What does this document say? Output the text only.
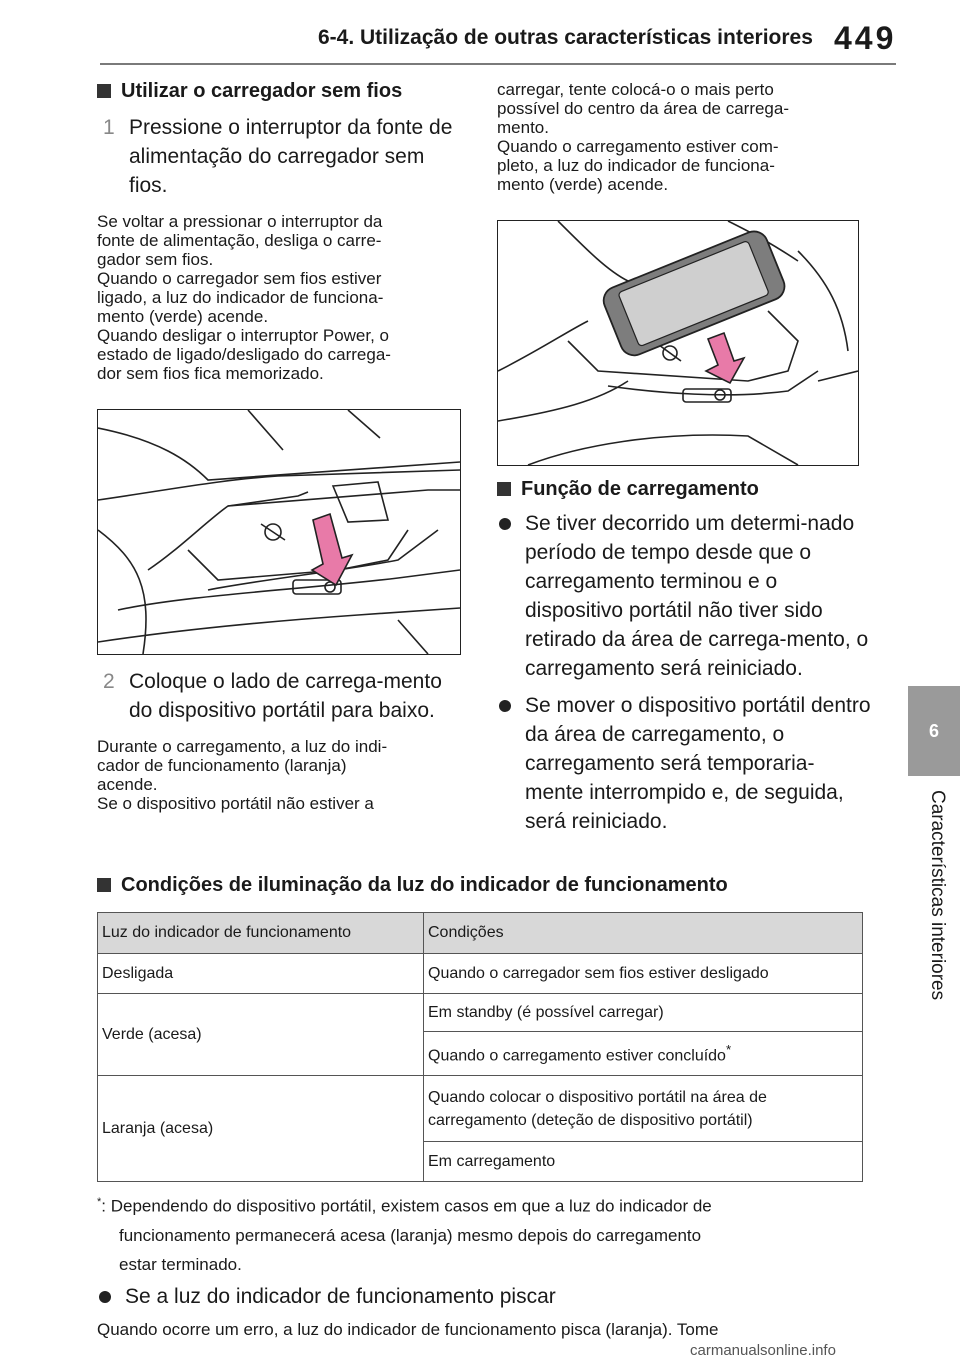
6-4. Utilização de outras características interiores 449
6
Características interiores
Utilizar o carregador sem fios
1 Pressione o interruptor da fonte de alimentação do carregador sem fios.

Se voltar a pressionar o interruptor da
fonte de alimentação, desliga o carre-
gador sem fios.
Quando o carregador sem fios estiver
ligado, a luz do indicador de funciona-
mento (verde) acende.
Quando desligar o interruptor Power, o
estado de ligado/desligado do carrega-
dor sem fios fica memorizado.

2 Coloque o lado de carrega-mento do dispositivo portátil para baixo.

Durante o carregamento, a luz do indi-
cador de funcionamento (laranja)
acende.
Se o dispositivo portátil não estiver a

carregar, tente colocá-o o mais perto
possível do centro da área de carrega-
mento.
Quando o carregamento estiver com-
pleto, a luz do indicador de funciona-
mento (verde) acende.

Função de carregamento
Se tiver decorrido um determi-nado período de tempo desde que o carregamento terminou e o dispositivo portátil não tiver sido retirado da área de carrega-mento, o carregamento será reiniciado.
Se mover o dispositivo portátil dentro da área de carregamento, o carregamento será temporaria-mente interrompido e, de seguida, será reiniciado.
Condições de iluminação da luz do indicador de funcionamento
Luz do indicador de funcionamento	Condições
Desligada	Quando o carregador sem fios estiver desligado
Verde (acesa)	Em standby (é possível carregar)
	Quando o carregamento estiver concluído*
Laranja (acesa)	Quando colocar o dispositivo portátil na área de carregamento (deteção de dispositivo portátil)
	Em carregamento
*: Dependendo do dispositivo portátil, existem casos em que a luz do indicador de
funcionamento permanecerá acesa (laranja) mesmo depois do carregamento
estar terminado.
Se a luz do indicador de funcionamento piscar
Quando ocorre um erro, a luz do indicador de funcionamento pisca (laranja). Tome
carmanualsonline.info
